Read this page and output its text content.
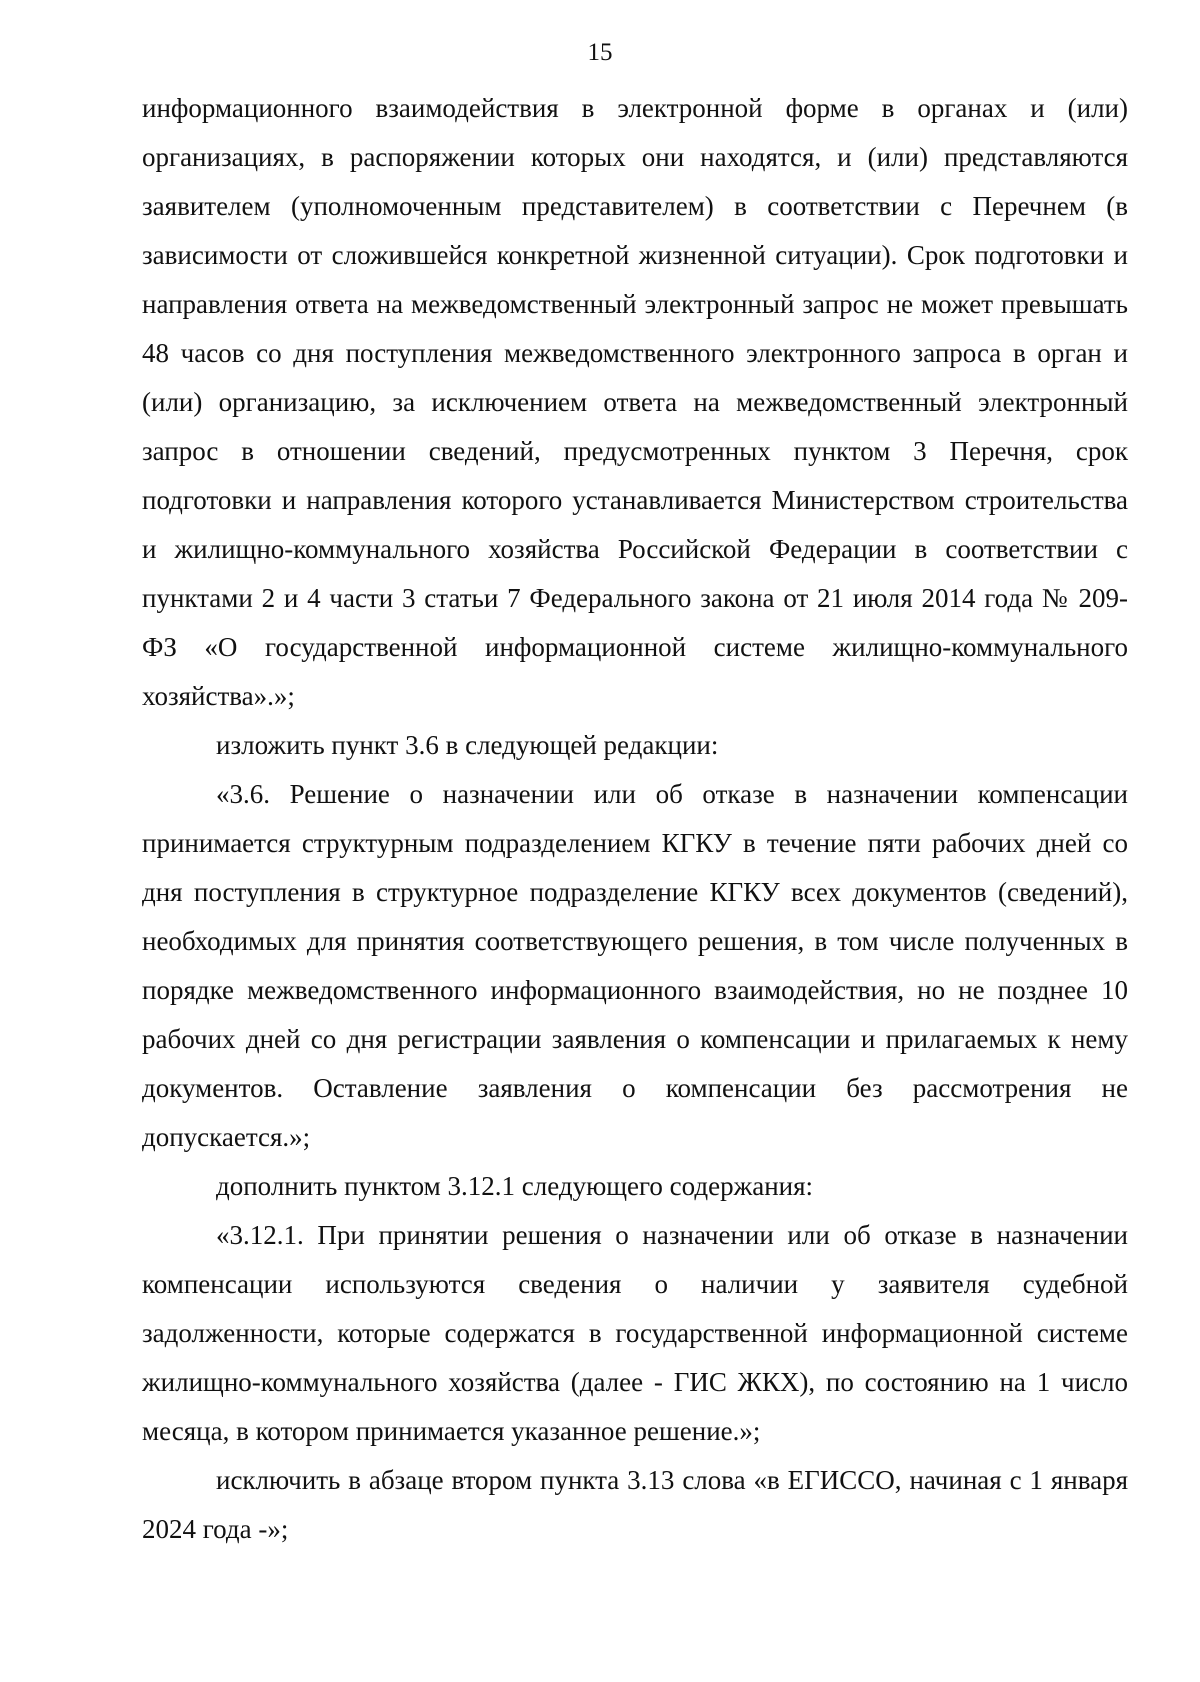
15

информационного взаимодействия в электронной форме в органах и (или) организациях, в распоряжении которых они находятся, и (или) представляются заявителем (уполномоченным представителем) в соответствии с Перечнем (в зависимости от сложившейся конкретной жизненной ситуации). Срок подготовки и направления ответа на межведомственный электронный запрос не может превышать 48 часов со дня поступления межведомственного электронного запроса в орган и (или) организацию, за исключением ответа на межведомственный электронный запрос в отношении сведений, предусмотренных пунктом 3 Перечня, срок подготовки и направления которого устанавливается Министерством строительства и жилищно-коммунального хозяйства Российской Федерации в соответствии с пунктами 2 и 4 части 3 статьи 7 Федерального закона от 21 июля 2014 года № 209-ФЗ «О государственной информационной системе жилищно-коммунального хозяйства».»;

изложить пункт 3.6 в следующей редакции:

«3.6. Решение о назначении или об отказе в назначении компенсации принимается структурным подразделением КГКУ в течение пяти рабочих дней со дня поступления в структурное подразделение КГКУ всех документов (сведений), необходимых для принятия соответствующего решения, в том числе полученных в порядке межведомственного информационного взаимодействия, но не позднее 10 рабочих дней со дня регистрации заявления о компенсации и прилагаемых к нему документов. Оставление заявления о компенсации без рассмотрения не допускается.»;

дополнить пунктом 3.12.1 следующего содержания:

«3.12.1. При принятии решения о назначении или об отказе в назначении компенсации используются сведения о наличии у заявителя судебной задолженности, которые содержатся в государственной информационной системе жилищно-коммунального хозяйства (далее - ГИС ЖКХ), по состоянию на 1 число месяца, в котором принимается указанное решение.»;

исключить в абзаце втором пункта 3.13 слова «в ЕГИССО, начиная с 1 января 2024 года -»;
